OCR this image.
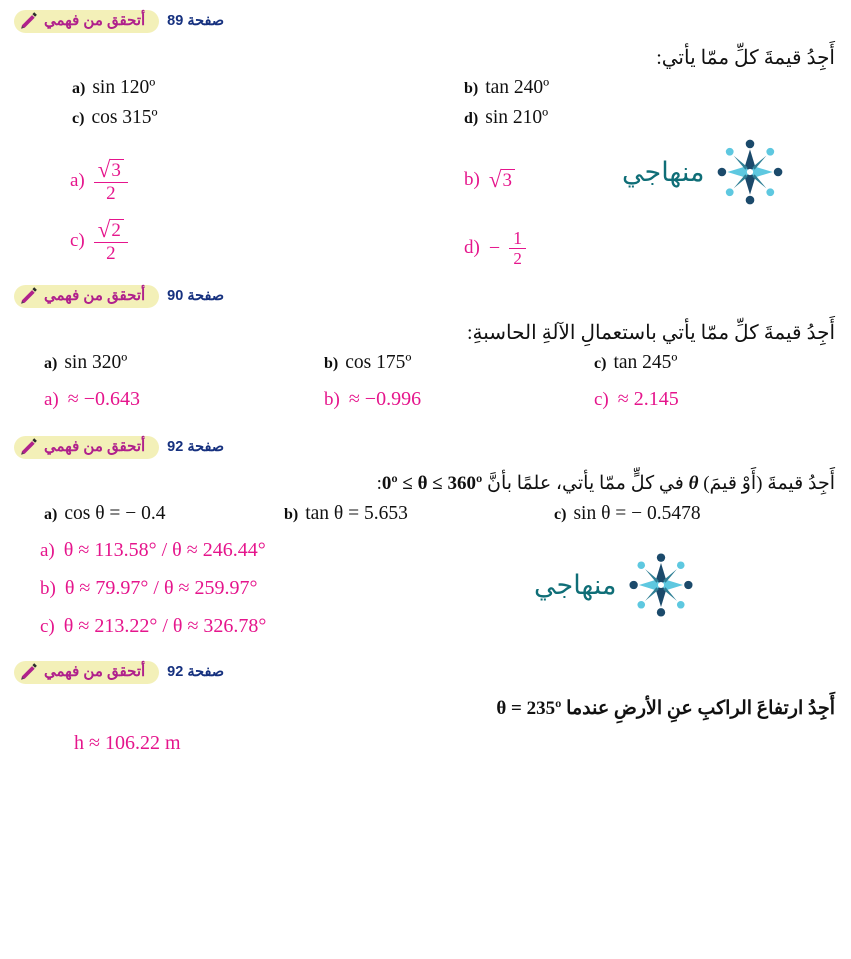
أتحقق من فهمي صفحة 89
أَجِدُ قيمةَ كلِّ ممّا يأتي:
a) sin 120º	b) tan 240º
c) cos 315º	d) sin 210º
$a) \frac{√ 3}{2}$	b) √ 3	منهاجي
$c) \frac{√ 2}{2}$	$d) - \frac{1}{2}$
أتحقق من فهمي صفحة 90
أَجِدُ قيمةَ كلِّ ممّا يأتي باستعمالِ الآلةِ الحاسبةِ:
a) sin 320º	b) cos 175º	c) tan 245º
a) ≈ −0.643	b) ≈ −0.996	c) ≈ 2.145
أتحقق من فهمي صفحة 92
أَجِدُ قيمةَ (أَوْ قيمَ) θ في كلٍّ ممّا يأتي، علمًا بأنَّ 0º ≤ θ ≤ 360º:
a) cos θ = − 0.4	b) tan θ = 5.653	c) sin θ = − 0.5478
a) θ ≈ 113.58° / θ ≈ 246.44°
b) θ ≈ 79.97° / θ ≈ 259.97°
c) θ ≈ 213.22° / θ ≈ 326.78°
منهاجي
أتحقق من فهمي صفحة 92
أَجِدُ ارتفاعَ الراكبِ عنِ الأرضِ عندما θ = 235º
h ≈ 106.22 m
